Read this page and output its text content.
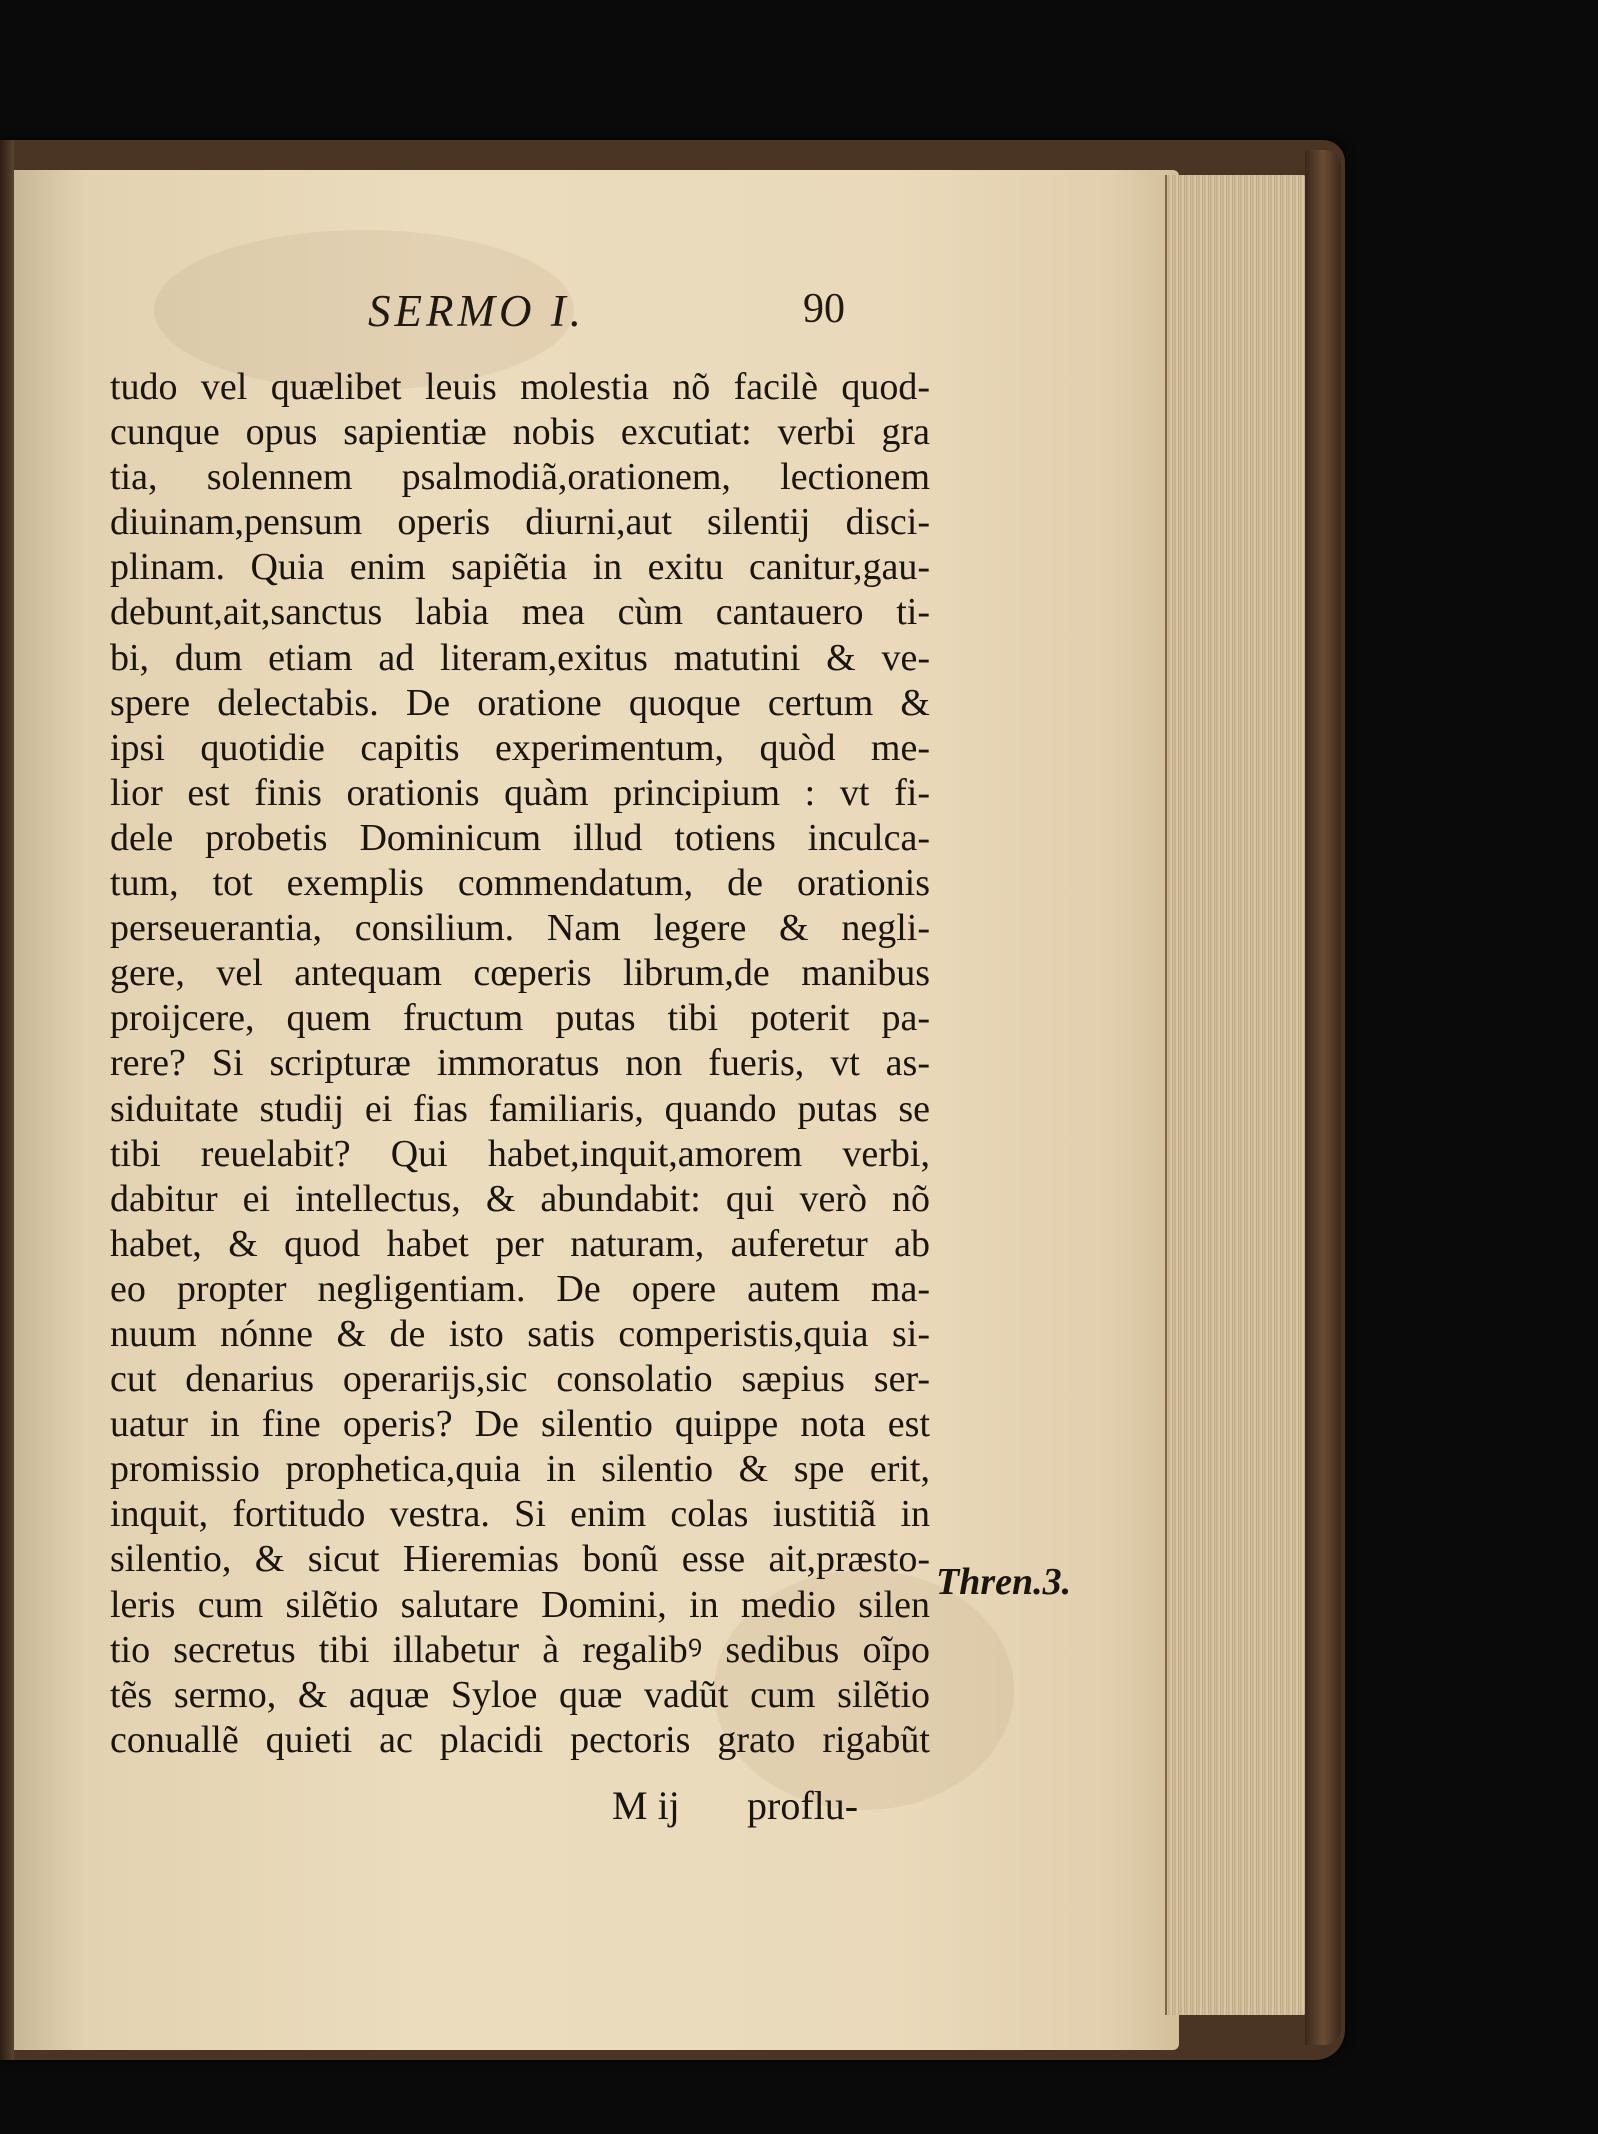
SERMO I.	90
tudo vel quælibet leuis molestia nõ facilè quod-
cunque opus sapientiæ nobis excutiat: verbi gra
tia, solennem psalmodiã,orationem, lectionem
diuinam,pensum operis diurni,aut silentij disci-
plinam. Quia enim sapiẽtia in exitu canitur,gau-
debunt,ait,sanctus labia mea cùm cantauero ti-
bi, dum etiam ad literam,exitus matutini & ve-
spere delectabis. De oratione quoque certum &
ipsi quotidie capitis experimentum, quòd me-
lior est finis orationis quàm principium : vt fi-
dele probetis Dominicum illud totiens inculca-
tum, tot exemplis commendatum, de orationis
perseuerantia, consilium. Nam legere & negli-
gere, vel antequam cœperis librum,de manibus
proijcere, quem fructum putas tibi poterit pa-
rere? Si scripturæ immoratus non fueris, vt as-
siduitate studij ei fias familiaris, quando putas se
tibi reuelabit? Qui habet,inquit,amorem verbi,
dabitur ei intellectus, & abundabit: qui verò nõ
habet, & quod habet per naturam, auferetur ab
eo propter negligentiam. De opere autem ma-
nuum nónne & de isto satis comperistis,quia si-
cut denarius operarijs,sic consolatio sæpius ser-
uatur in fine operis? De silentio quippe nota est
promissio prophetica,quia in silentio & spe erit,
inquit, fortitudo vestra. Si enim colas iustitiã in
silentio, & sicut Hieremias bonũ esse ait,præsto-
leris cum silẽtio salutare Domini, in medio silen
tio secretus tibi illabetur à regalibꝰ sedibus oĩpo
tẽs sermo, & aquæ Syloe quæ vadũt cum silẽtio
conuallẽ quieti ac placidi pectoris grato rigabũt
Thren.3.
M ij proflu-
